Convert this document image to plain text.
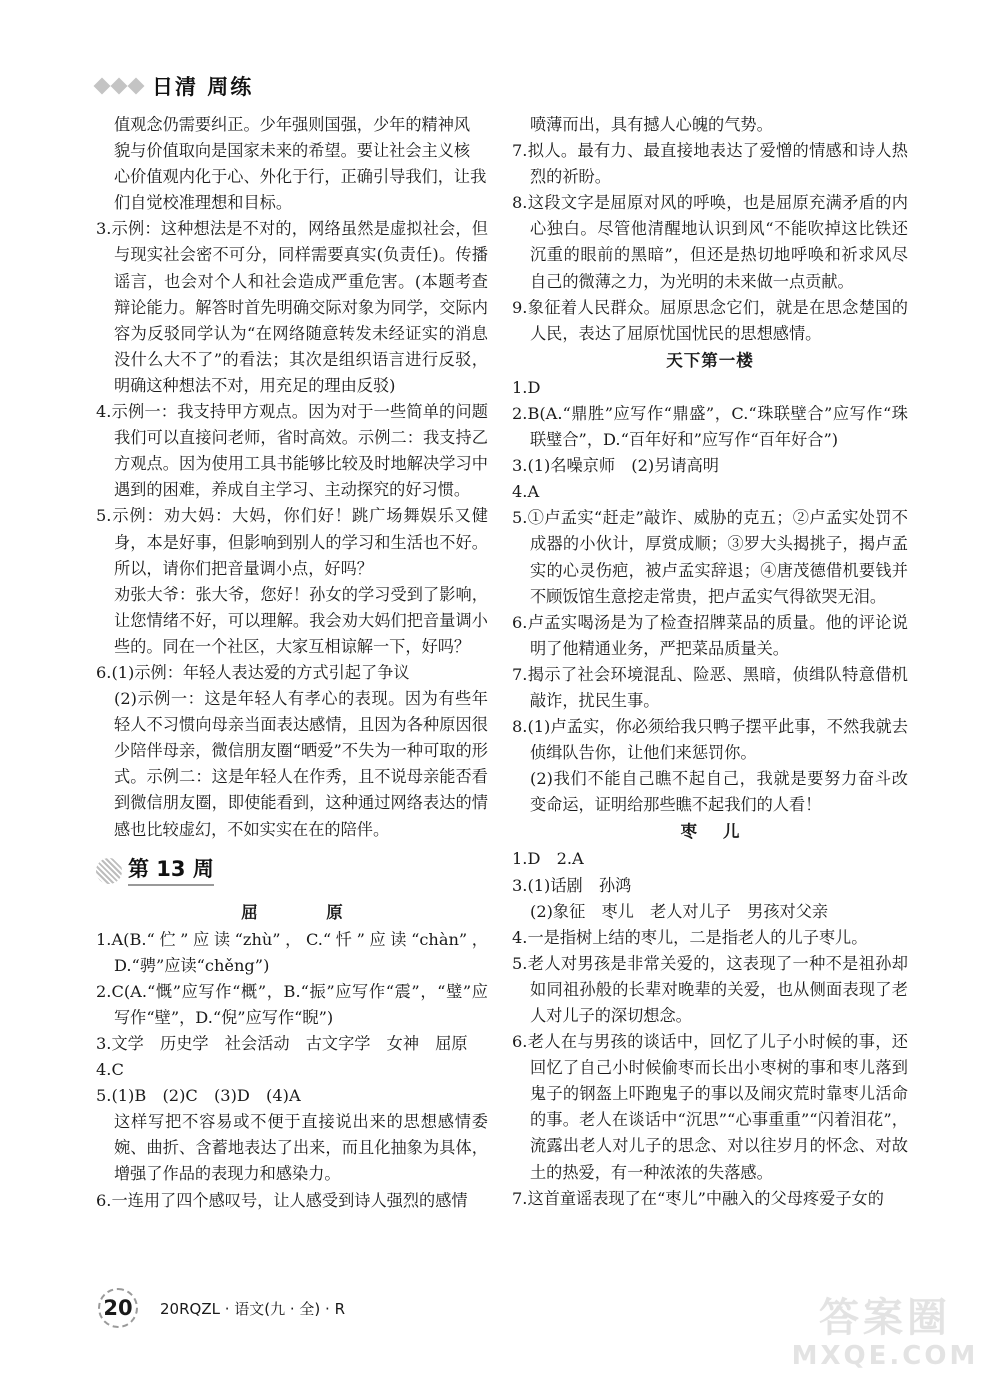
日清 周练

值观念仍需要纠正。少年强则国强，少年的精神风

貌与价值取向是国家未来的希望。要让社会主义核

心价值观内化于心、外化于行，正确引导我们，让我

们自觉校准理想和目标。

3.示例：这种想法是不对的，网络虽然是虚拟社会，但与现实社会密不可分，同样需要真实(负责任)。传播谣言，也会对个人和社会造成严重危害。(本题考查辩论能力。解答时首先明确交际对象为同学，交际内容为反驳同学认为“在网络随意转发未经证实的消息没什么大不了”的看法；其次是组织语言进行反驳，明确这种想法不对，用充足的理由反驳)

4.示例一：我支持甲方观点。因为对于一些简单的问题我们可以直接问老师，省时高效。示例二：我支持乙方观点。因为使用工具书能够比较及时地解决学习中遇到的困难，养成自主学习、主动探究的好习惯。

5.示例：劝大妈：大妈，你们好！跳广场舞娱乐又健身，本是好事，但影响到别人的学习和生活也不好。所以，请你们把音量调小点，好吗？

劝张大爷：张大爷，您好！孙女的学习受到了影响，让您情绪不好，可以理解。我会劝大妈们把音量调小些的。同在一个社区，大家互相谅解一下，好吗？

6.(1)示例：年轻人表达爱的方式引起了争议

(2)示例一：这是年轻人有孝心的表现。因为有些年轻人不习惯向母亲当面表达感情，且因为各种原因很少陪伴母亲，微信朋友圈“晒爱”不失为一种可取的形式。示例二：这是年轻人在作秀，且不说母亲能否看到微信朋友圈，即使能看到，这种通过网络表达的情感也比较虚幻，不如实实在在的陪伴。

第 13 周
屈　原

1.A(B.“伫”应读“zhù”，C.“忏”应读“chàn”，D.“骋”应读“chěng”)

2.C(A.“慨”应写作“概”，B.“振”应写作“震”，“璧”应写作“壁”，D.“倪”应写作“睨”)

3.文学　历史学　社会活动　古文字学　女神　屈原

4.C

5.(1)B　(2)C　(3)D　(4)A

这样写把不容易或不便于直接说出来的思想感情委婉、曲折、含蓄地表达了出来，而且化抽象为具体，增强了作品的表现力和感染力。

6.一连用了四个感叹号，让人感受到诗人强烈的感情

喷薄而出，具有撼人心魄的气势。

7.拟人。最有力、最直接地表达了爱憎的情感和诗人热烈的祈盼。

8.这段文字是屈原对风的呼唤，也是屈原充满矛盾的内心独白。尽管他清醒地认识到风“不能吹掉这比铁还沉重的眼前的黑暗”，但还是热切地呼唤和祈求风尽自己的微薄之力，为光明的未来做一点贡献。

9.象征着人民群众。屈原思念它们，就是在思念楚国的人民，表达了屈原忧国忧民的思想感情。

天下第一楼

1.D

2.B(A.“鼎胜”应写作“鼎盛”，C.“珠联壁合”应写作“珠联璧合”，D.“百年好和”应写作“百年好合”)

3.(1)名噪京师　(2)另请高明

4.A

5.①卢孟实“赶走”敲诈、威胁的克五；②卢孟实处罚不成器的小伙计，厚赏成顺；③罗大头揭挑子，揭卢孟实的心灵伤疤，被卢孟实辞退；④唐茂德借机要钱并不顾饭馆生意挖走常贵，把卢孟实气得欲哭无泪。

6.卢孟实喝汤是为了检查招牌菜品的质量。他的评论说明了他精通业务，严把菜品质量关。

7.揭示了社会环境混乱、险恶、黑暗，侦缉队特意借机敲诈，扰民生事。

8.(1)卢孟实，你必须给我只鸭子摆平此事，不然我就去侦缉队告你，让他们来惩罚你。

(2)我们不能自己瞧不起自己，我就是要努力奋斗改变命运，证明给那些瞧不起我们的人看！

枣儿

1.D　2.A

3.(1)话剧　孙鸿

(2)象征　枣儿　老人对儿子　男孩对父亲

4.一是指树上结的枣儿，二是指老人的儿子枣儿。

5.老人对男孩是非常关爱的，这表现了一种不是祖孙却如同祖孙般的长辈对晚辈的关爱，也从侧面表现了老人对儿子的深切想念。

6.老人在与男孩的谈话中，回忆了儿子小时候的事，还回忆了自己小时候偷枣而长出小枣树的事和枣儿落到鬼子的钢盔上吓跑鬼子的事以及闹灾荒时靠枣儿活命的事。老人在谈话中“沉思”“心事重重”“闪着泪花”，流露出老人对儿子的思念、对以往岁月的怀念、对故土的热爱，有一种浓浓的失落感。

7.这首童谣表现了在“枣儿”中融入的父母疼爱子女的

20	20RQZL · 语文(九 · 全) · R	答案圈
MXQE.COM
